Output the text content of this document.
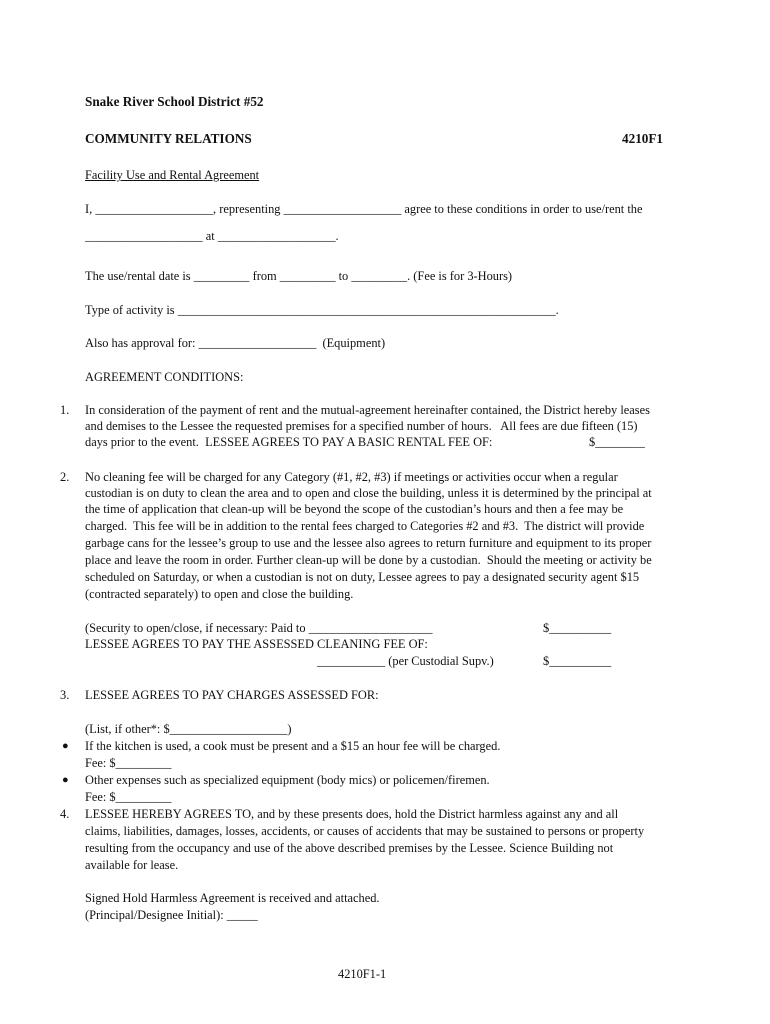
Snake River School District #52
COMMUNITY RELATIONS	4210F1
Facility Use and Rental Agreement
I, ___________________, representing ___________________ agree to these conditions in order to use/rent the
___________________ at ___________________.
The use/rental date is _________ from _________ to _________. (Fee is for 3-Hours)
Type of activity is _____________________________________________________________.
Also has approval for: ___________________  (Equipment)
AGREEMENT CONDITIONS:
1. In consideration of the payment of rent and the mutual-agreement hereinafter contained, the District hereby leases
and demises to the Lessee the requested premises for a specified number of hours.   All fees are due fifteen (15)
days prior to the event.  LESSEE AGREES TO PAY A BASIC RENTAL FEE OF:	$________
2. No cleaning fee will be charged for any Category (#1, #2, #3) if meetings or activities occur when a regular
custodian is on duty to clean the area and to open and close the building, unless it is determined by the principal at
the time of application that clean-up will be beyond the scope of the custodian’s hours and then a fee may be
charged.  This fee will be in addition to the rental fees charged to Categories #2 and #3.  The district will provide
garbage cans for the lessee’s group to use and the lessee also agrees to return furniture and equipment to its proper
place and leave the room in order. Further clean-up will be done by a custodian.  Should the meeting or activity be
scheduled on Saturday, or when a custodian is not on duty, Lessee agrees to pay a designated security agent $15
(contracted separately) to open and close the building.
(Security to open/close, if necessary: Paid to ____________________	$__________
LESSEE AGREES TO PAY THE ASSESSED CLEANING FEE OF:
___________ (per Custodial Supv.)	$__________
3. LESSEE AGREES TO PAY CHARGES ASSESSED FOR:
(List, if other*: $___________________)
● If the kitchen is used, a cook must be present and a $15 an hour fee will be charged.
Fee: $_________
● Other expenses such as specialized equipment (body mics) or policemen/firemen.
Fee: $_________
4. LESSEE HEREBY AGREES TO, and by these presents does, hold the District harmless against any and all
claims, liabilities, damages, losses, accidents, or causes of accidents that may be sustained to persons or property
resulting from the occupancy and use of the above described premises by the Lessee. Science Building not
available for lease.
Signed Hold Harmless Agreement is received and attached.
(Principal/Designee Initial): _____
4210F1-1
